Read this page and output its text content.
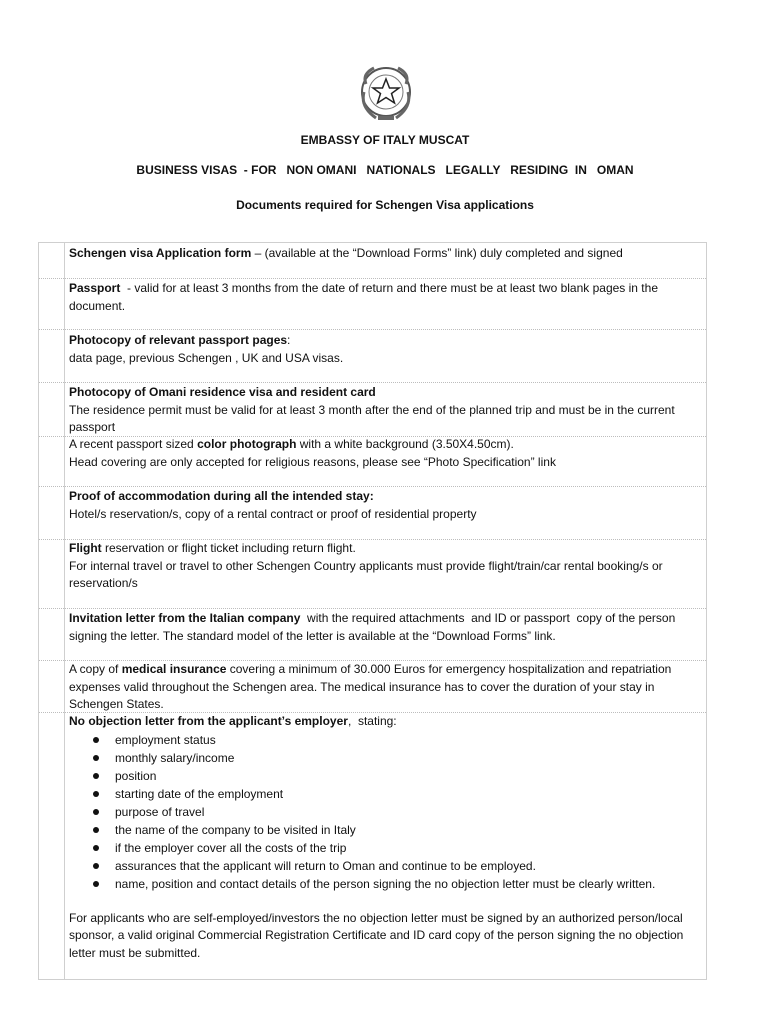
EMBASSY OF ITALY MUSCAT
BUSINESS VISAS  - FOR   NON OMANI   NATIONALS   LEGALLY   RESIDING  IN   OMAN
Documents required for Schengen Visa applications
Schengen visa Application form – (available at the “Download Forms” link) duly completed and signed
Passport  - valid for at least 3 months from the date of return and there must be at least two blank pages in the document.
Photocopy of relevant passport pages:
data page, previous Schengen , UK and USA visas.
Photocopy of Omani residence visa and resident card
The residence permit must be valid for at least 3 month after the end of the planned trip and must be in the current passport
A recent passport sized color photograph with a white background (3.50X4.50cm).
Head covering are only accepted for religious reasons, please see “Photo Specification” link
Proof of accommodation during all the intended stay:
Hotel/s reservation/s, copy of a rental contract or proof of residential property
Flight reservation or flight ticket including return flight.
For internal travel or travel to other Schengen Country applicants must provide flight/train/car rental booking/s or reservation/s
Invitation letter from the Italian company  with the required attachments  and ID or passport  copy of the person signing the letter. The standard model of the letter is available at the “Download Forms” link.
A copy of medical insurance covering a minimum of 30.000 Euros for emergency hospitalization and repatriation expenses valid throughout the Schengen area. The medical insurance has to cover the duration of your stay in Schengen States.
No objection letter from the applicant’s employer,  stating:
employment status
monthly salary/income
position
starting date of the employment
purpose of travel
the name of the company to be visited in Italy
if the employer cover all the costs of the trip
assurances that the applicant will return to Oman and continue to be employed.
name, position and contact details of the person signing the no objection letter must be clearly written.
For applicants who are self-employed/investors the no objection letter must be signed by an authorized person/local sponsor, a valid original Commercial Registration Certificate and ID card copy of the person signing the no objection letter must be submitted.
